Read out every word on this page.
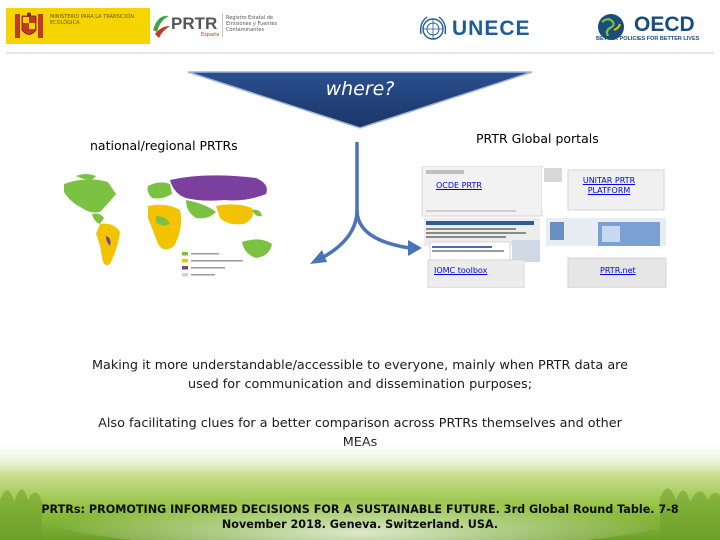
MINISTERIO PARA LA TRANSICIÓN ECOLÓGICA	PRTR
España
Registro Estatal de Emisiones y Fuentes Contaminantes	UNECE	OECD
BETTER POLICIES FOR BETTER LIVES
where?
national/regional PRTRs	PRTR Global portals
OCDE PRTR
UNITAR PRTR PLATFORM
IOMC toolbox	PRTR.net
Making it more understandable/accessible to everyone, mainly when PRTR data are used for communication and dissemination purposes;
Also facilitating clues for a better comparison across PRTRs themselves and other
PRTRs: PROMOTING INFORMED DECISIONS FOR A SUSTAINABLE FUTURE. 3rd Global Round Table. 7-8 November 2018. Geneva. Switzerland. USA.
